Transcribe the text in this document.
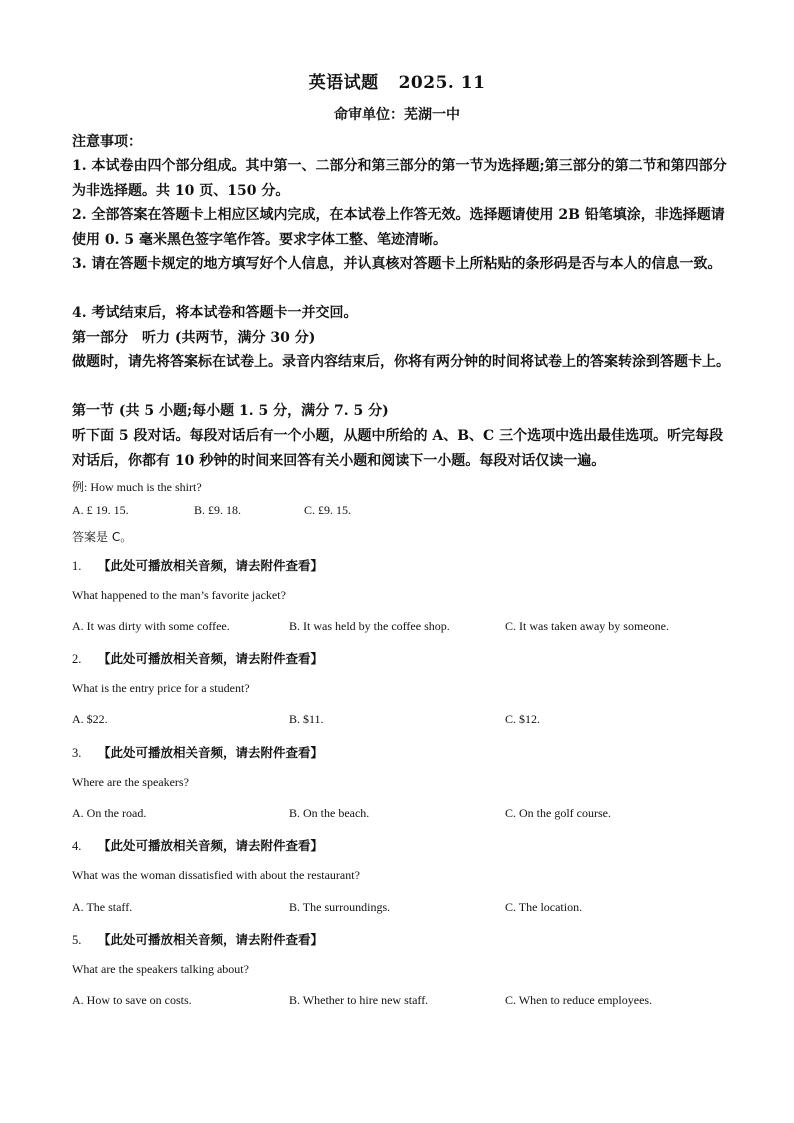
英语试题 2025. 11
命审单位：芜湖一中
注意事项：
1. 本试卷由四个部分组成。其中第一、二部分和第三部分的第一节为选择题;第三部分的第二节和第四部分为非选择题。共 10 页、150 分。
2. 全部答案在答题卡上相应区域内完成，在本试卷上作答无效。选择题请使用 2B 铅笔填涂，非选择题请使用 0. 5 毫米黑色签字笔作答。要求字体工整、笔迹清晰。
3. 请在答题卡规定的地方填写好个人信息，并认真核对答题卡上所粘贴的条形码是否与本人的信息一致。
4. 考试结束后，将本试卷和答题卡一并交回。
第一部分　听力 (共两节，满分 30 分)
做题时，请先将答案标在试卷上。录音内容结束后，你将有两分钟的时间将试卷上的答案转涂到答题卡上。
第一节 (共 5 小题;每小题 1. 5 分，满分 7. 5 分)
听下面 5 段对话。每段对话后有一个小题，从题中所给的 A、B、C 三个选项中选出最佳选项。听完每段对话后，你都有 10 秒钟的时间来回答有关小题和阅读下一小题。每段对话仅读一遍。
例: How much is the shirt?
A. £ 19. 15.	B. £9. 18.	C. £9. 15.
答案是 C。
1. 【此处可播放相关音频，请去附件查看】
What happened to the man’s favorite jacket?
A. It was dirty with some coffee.	B. It was held by the coffee shop.	C. It was taken away by someone.
2. 【此处可播放相关音频，请去附件查看】
What is the entry price for a student?
A. $22.	B. $11.	C. $12.
3. 【此处可播放相关音频，请去附件查看】
Where are the speakers?
A. On the road.	B. On the beach.	C. On the golf course.
4. 【此处可播放相关音频，请去附件查看】
What was the woman dissatisfied with about the restaurant?
A. The staff.	B. The surroundings.	C. The location.
5. 【此处可播放相关音频，请去附件查看】
What are the speakers talking about?
A. How to save on costs.	B. Whether to hire new staff.	C. When to reduce employees.
